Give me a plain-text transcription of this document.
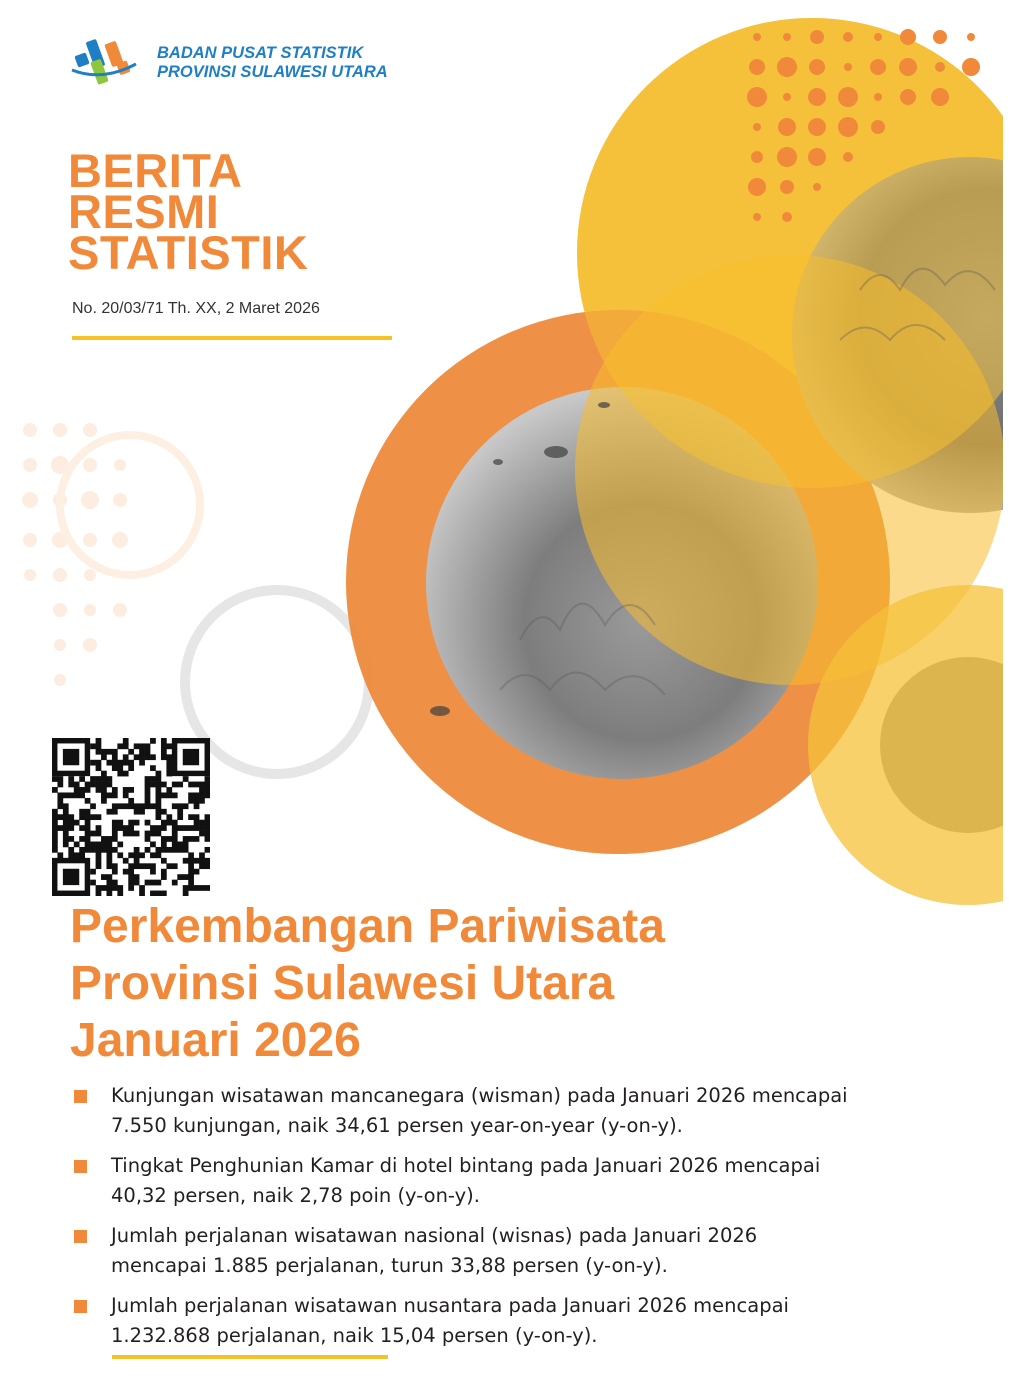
BADAN PUSAT STATISTIK
PROVINSI SULAWESI UTARA
BERITA
RESMI
STATISTIK
No. 20/03/71 Th. XX, 2 Maret 2026
Perkembangan Pariwisata
Provinsi Sulawesi Utara
Januari 2026
Kunjungan wisatawan mancanegara (wisman) pada Januari 2026 mencapai
7.550 kunjungan, naik 34,61 persen year-on-year (y-on-y).
Tingkat Penghunian Kamar di hotel bintang pada Januari 2026 mencapai
40,32 persen, naik 2,78 poin (y-on-y).
Jumlah perjalanan wisatawan nasional (wisnas) pada Januari 2026
mencapai 1.885 perjalanan, turun 33,88 persen (y-on-y).
Jumlah perjalanan wisatawan nusantara pada Januari 2026 mencapai
1.232.868 perjalanan, naik 15,04 persen (y-on-y).
